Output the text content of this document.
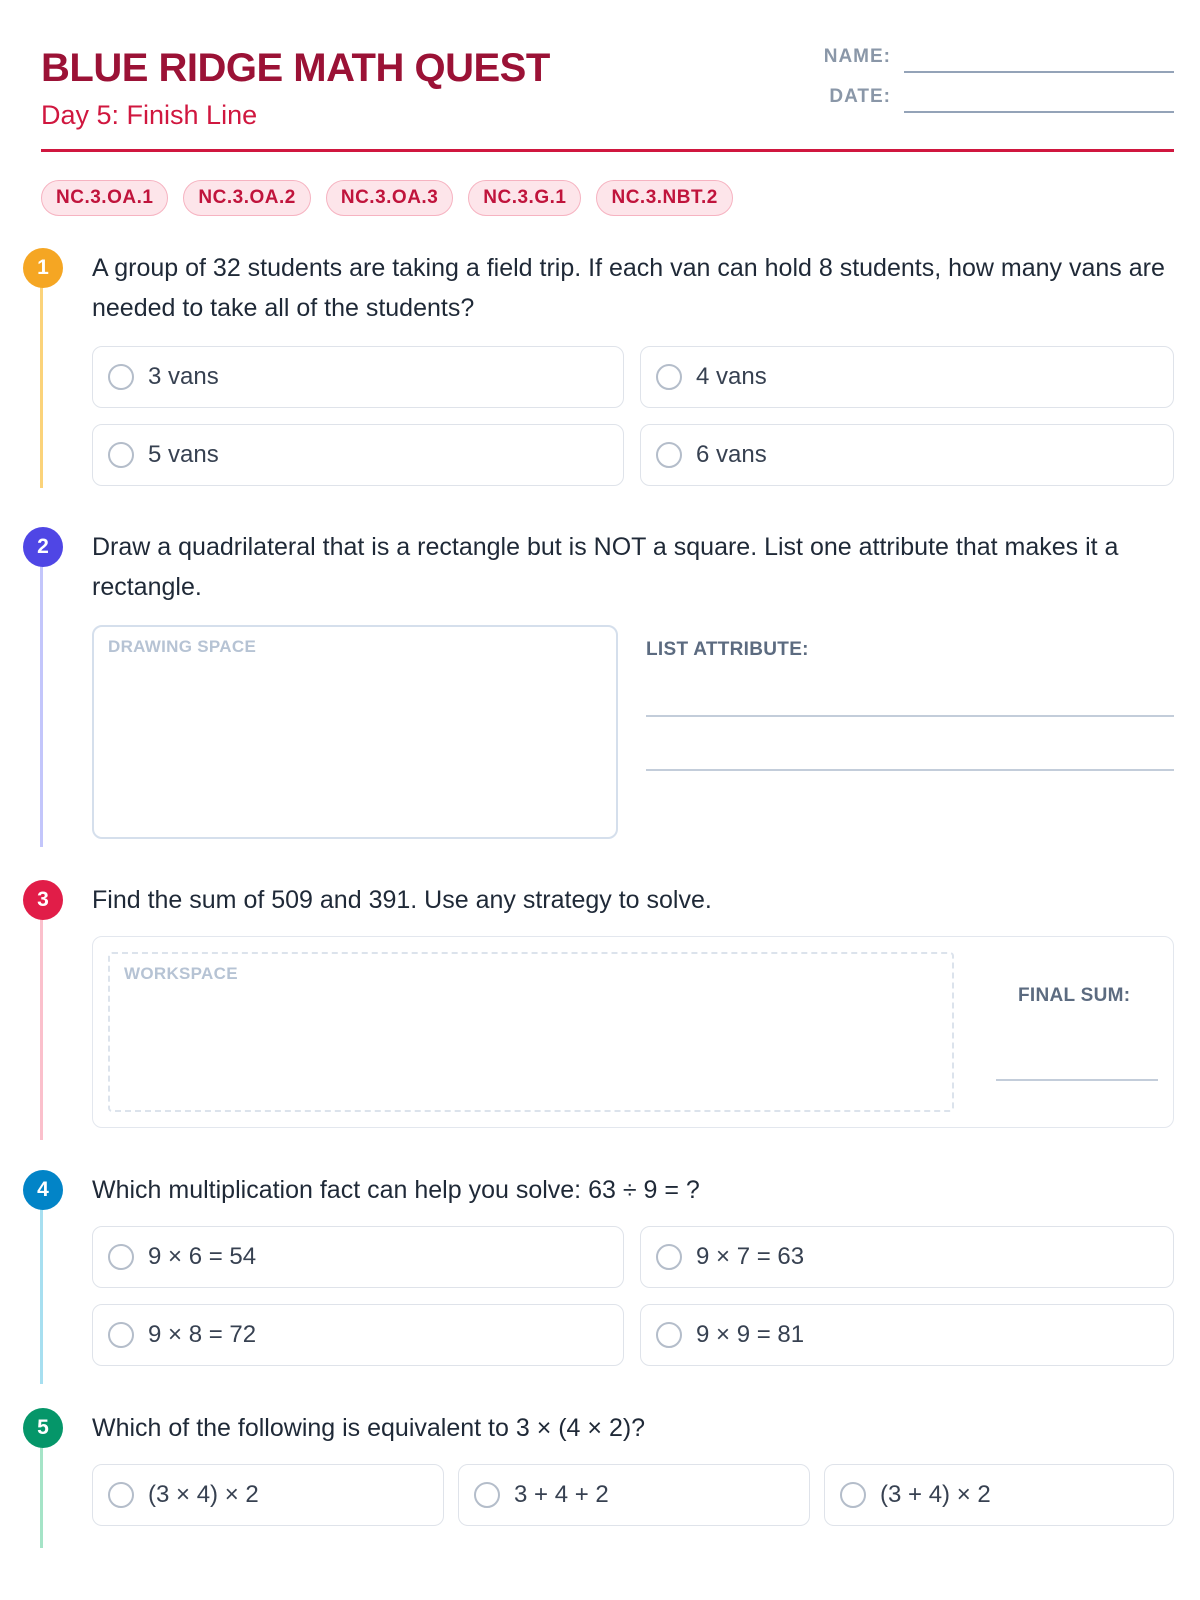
BLUE RIDGE MATH QUEST
Day 5: Finish Line
NAME:
DATE:
NC.3.OA.1	NC.3.OA.2	NC.3.OA.3	NC.3.G.1	NC.3.NBT.2
1	A group of 32 students are taking a field trip. If each van can hold 8 students, how many vans are needed to take all of the students?
3 vans	4 vans
5 vans	6 vans
2	Draw a quadrilateral that is a rectangle but is NOT a square. List one attribute that makes it a rectangle.
DRAWING SPACE	LIST ATTRIBUTE:
3	Find the sum of 509 and 391. Use any strategy to solve.
WORKSPACE
FINAL SUM:
4	Which multiplication fact can help you solve: 63 ÷ 9 = ?
9 × 6 = 54	9 × 7 = 63
9 × 8 = 72	9 × 9 = 81
5	Which of the following is equivalent to 3 × (4 × 2)?
(3 × 4) × 2	3 + 4 + 2	(3 + 4) × 2
